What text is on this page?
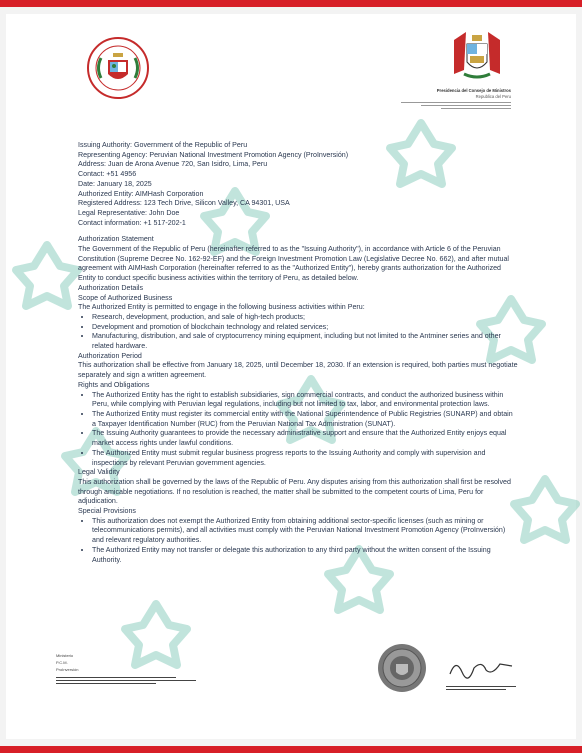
Presidencia del Consejo de Ministros
Republica del Peru

Issuing Authority: Government of the Republic of Peru

Representing Agency: Peruvian National Investment Promotion Agency (ProInversión)

Address: Juan de Arona Avenue 720, San Isidro, Lima, Peru

Contact: +51 4956

Date: January 18, 2025

Authorized Entity: AIMHash Corporation

Registered Address: 123 Tech Drive, Silicon Valley, CA 94301, USA

Legal Representative: John Doe

Contact information: +1 517-202-1

Authorization Statement

The Government of the Republic of Peru (hereinafter referred to as the "Issuing Authority"), in accordance with Article 6 of the Peruvian Constitution (Supreme Decree No. 162-92-EF) and the Foreign Investment Promotion Law (Legislative Decree No. 662), and after mutual agreement with AIMHash Corporation (hereinafter referred to as the "Authorized Entity"), hereby grants authorization for the Authorized Entity to conduct specific business activities within the territory of Peru, as detailed below.

Authorization Details

Scope of Authorized Business

The Authorized Entity is permitted to engage in the following business activities within Peru:

• Research, development, production, and sale of high-tech products;
• Development and promotion of blockchain technology and related services;
• Manufacturing, distribution, and sale of cryptocurrency mining equipment, including but not limited to the Antminer series and other related hardware.

Authorization Period

This authorization shall be effective from January 18, 2025, until December 18, 2030. If an extension is required, both parties must negotiate separately and sign a written agreement.

Rights and Obligations

• The Authorized Entity has the right to establish subsidiaries, sign commercial contracts, and conduct the authorized business within Peru, while complying with Peruvian legal regulations, including but not limited to tax, labor, and environmental protection laws.
• The Authorized Entity must register its commercial entity with the National Superintendence of Public Registries (SUNARP) and obtain a Taxpayer Identification Number (RUC) from the Peruvian National Tax Administration (SUNAT).
• The Issuing Authority guarantees to provide the necessary administrative support and ensure that the Authorized Entity enjoys equal market access rights under lawful conditions.
• The Authorized Entity must submit regular business progress reports to the Issuing Authority and comply with supervision and inspections by relevant Peruvian government agencies.

Legal Validity

This authorization shall be governed by the laws of the Republic of Peru. Any disputes arising from this authorization shall first be resolved through amicable negotiations. If no resolution is reached, the matter shall be submitted to the competent courts of Lima, Peru for adjudication.

Special Provisions

• This authorization does not exempt the Authorized Entity from obtaining additional sector-specific licenses (such as mining or telecommunications permits), and all activities must comply with the Peruvian National Investment Promotion Agency (ProInversión) and relevant regulatory authorities.
• The Authorized Entity may not transfer or delegate this authorization to any third party without the written consent of the Issuing Authority.
Ministerio
P.C.M.
ProInversión
